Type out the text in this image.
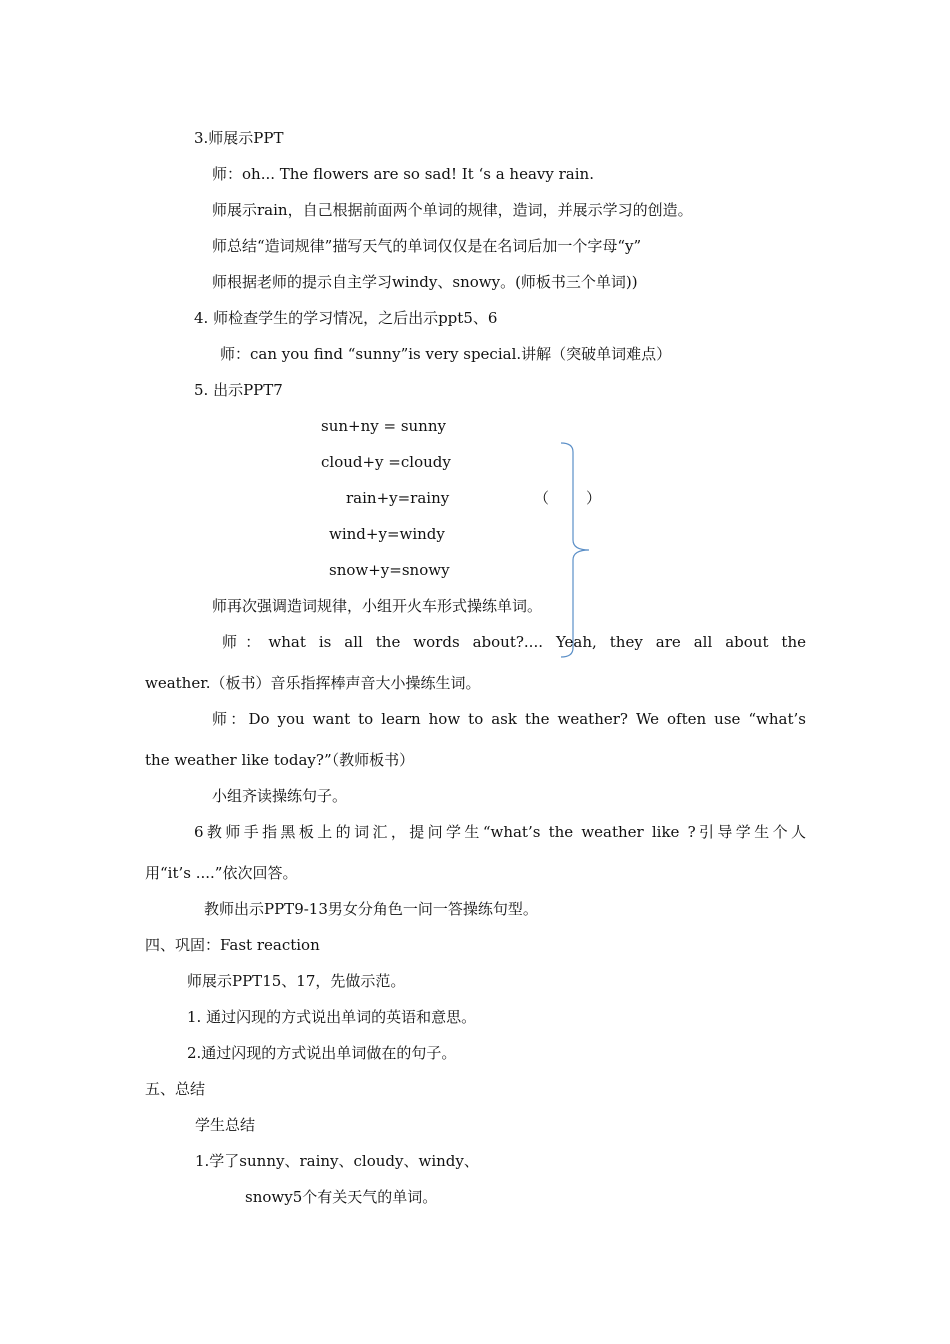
3.师展示PPT
师：oh... The flowers are so sad! It ‘s a heavy rain.
师展示rain，自己根据前面两个单词的规律，造词，并展示学习的创造。
师总结“造词规律”描写天气的单词仅仅是在名词后加一个字母“y”
师根据老师的提示自主学习windy、snowy。(师板书三个单词))
4. 师检查学生的学习情况，之后出示ppt5、6
师：can you find “sunny”is very special.讲解（突破单词难点）
5. 出示PPT7
sun+ny = sunny
cloud+y =cloudy
rain+y=rainy	（ ）
wind+y=windy
snow+y=snowy
师再次强调造词规律，小组开火车形式操练单词。
师：what is all the words about?.... Yeah, they are all about the
weather.（板书）音乐指挥棒声音大小操练生词。
师：Do you want to learn how to ask the weather? We often use “what’s
the weather like today?”（教师板书）
小组齐读操练句子。
6教师手指黑板上的词汇，提问学生“what’s the weather like ?引导学生个人
用“it’s ....”依次回答。
教师出示PPT9-13男女分角色一问一答操练句型。
四、巩固：Fast reaction
师展示PPT15、17，先做示范。
1. 通过闪现的方式说出单词的英语和意思。
2.通过闪现的方式说出单词做在的句子。
五、总结
学生总结
1.学了sunny、rainy、cloudy、windy、
snowy5个有关天气的单词。
